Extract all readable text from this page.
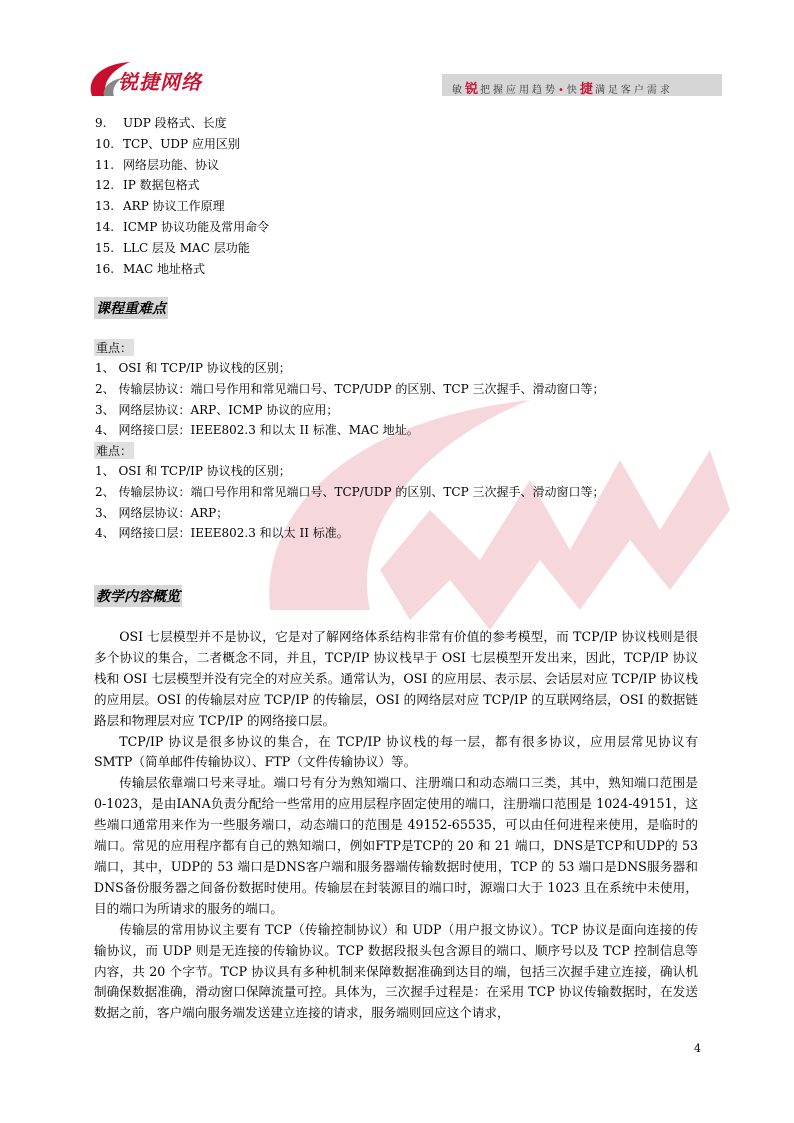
锐捷网络	敏锐把握应用趋势•快捷满足客户需求
9. UDP 段格式、长度
10. TCP、UDP 应用区别
11. 网络层功能、协议
12. IP 数据包格式
13. ARP 协议工作原理
14. ICMP 协议功能及常用命令
15. LLC 层及 MAC 层功能
16. MAC 地址格式
课程重难点
重点：
1、 OSI 和 TCP/IP 协议栈的区别；
2、 传输层协议：端口号作用和常见端口号、TCP/UDP 的区别、TCP 三次握手、滑动窗口等；
3、 网络层协议：ARP、ICMP 协议的应用；
4、 网络接口层：IEEE802.3 和以太 II 标准、MAC 地址。
难点：
1、 OSI 和 TCP/IP 协议栈的区别；
2、 传输层协议：端口号作用和常见端口号、TCP/UDP 的区别、TCP 三次握手、滑动窗口等；
3、 网络层协议：ARP；
4、 网络接口层：IEEE802.3 和以太 II 标准。
教学内容概览

OSI 七层模型并不是协议，它是对了解网络体系结构非常有价值的参考模型，而 TCP/IP 协议栈则是很多个协议的集合，二者概念不同，并且，TCP/IP 协议栈早于 OSI 七层模型开发出来，因此，TCP/IP 协议栈和 OSI 七层模型并没有完全的对应关系。通常认为，OSI 的应用层、表示层、会话层对应 TCP/IP 协议栈的应用层。OSI 的传输层对应 TCP/IP 的传输层，OSI 的网络层对应 TCP/IP 的互联网络层，OSI 的数据链路层和物理层对应 TCP/IP 的网络接口层。

TCP/IP 协议是很多协议的集合，在 TCP/IP 协议栈的每一层，都有很多协议，应用层常见协议有 SMTP（简单邮件传输协议）、FTP（文件传输协议）等。

传输层依靠端口号来寻址。端口号有分为熟知端口、注册端口和动态端口三类，其中，熟知端口范围是 0-1023，是由IANA负责分配给一些常用的应用层程序固定使用的端口，注册端口范围是 1024-49151，这些端口通常用来作为一些服务端口，动态端口的范围是 49152-65535，可以由任何进程来使用，是临时的端口。常见的应用程序都有自己的熟知端口，例如FTP是TCP的 20 和 21 端口，DNS是TCP和UDP的 53 端口，其中，UDP的 53 端口是DNS客户端和服务器端传输数据时使用，TCP 的 53 端口是DNS服务器和DNS备份服务器之间备份数据时使用。传输层在封装源目的端口时，源端口大于 1023 且在系统中未使用，目的端口为所请求的服务的端口。

传输层的常用协议主要有 TCP（传输控制协议）和 UDP（用户报文协议）。TCP 协议是面向连接的传输协议，而 UDP 则是无连接的传输协议。TCP 数据段报头包含源目的端口、顺序号以及 TCP 控制信息等内容，共 20 个字节。TCP 协议具有多种机制来保障数据准确到达目的端，包括三次握手建立连接，确认机制确保数据准确，滑动窗口保障流量可控。具体为，三次握手过程是：在采用 TCP 协议传输数据时，在发送数据之前，客户端向服务端发送建立连接的请求，服务端则回应这个请求，

4
